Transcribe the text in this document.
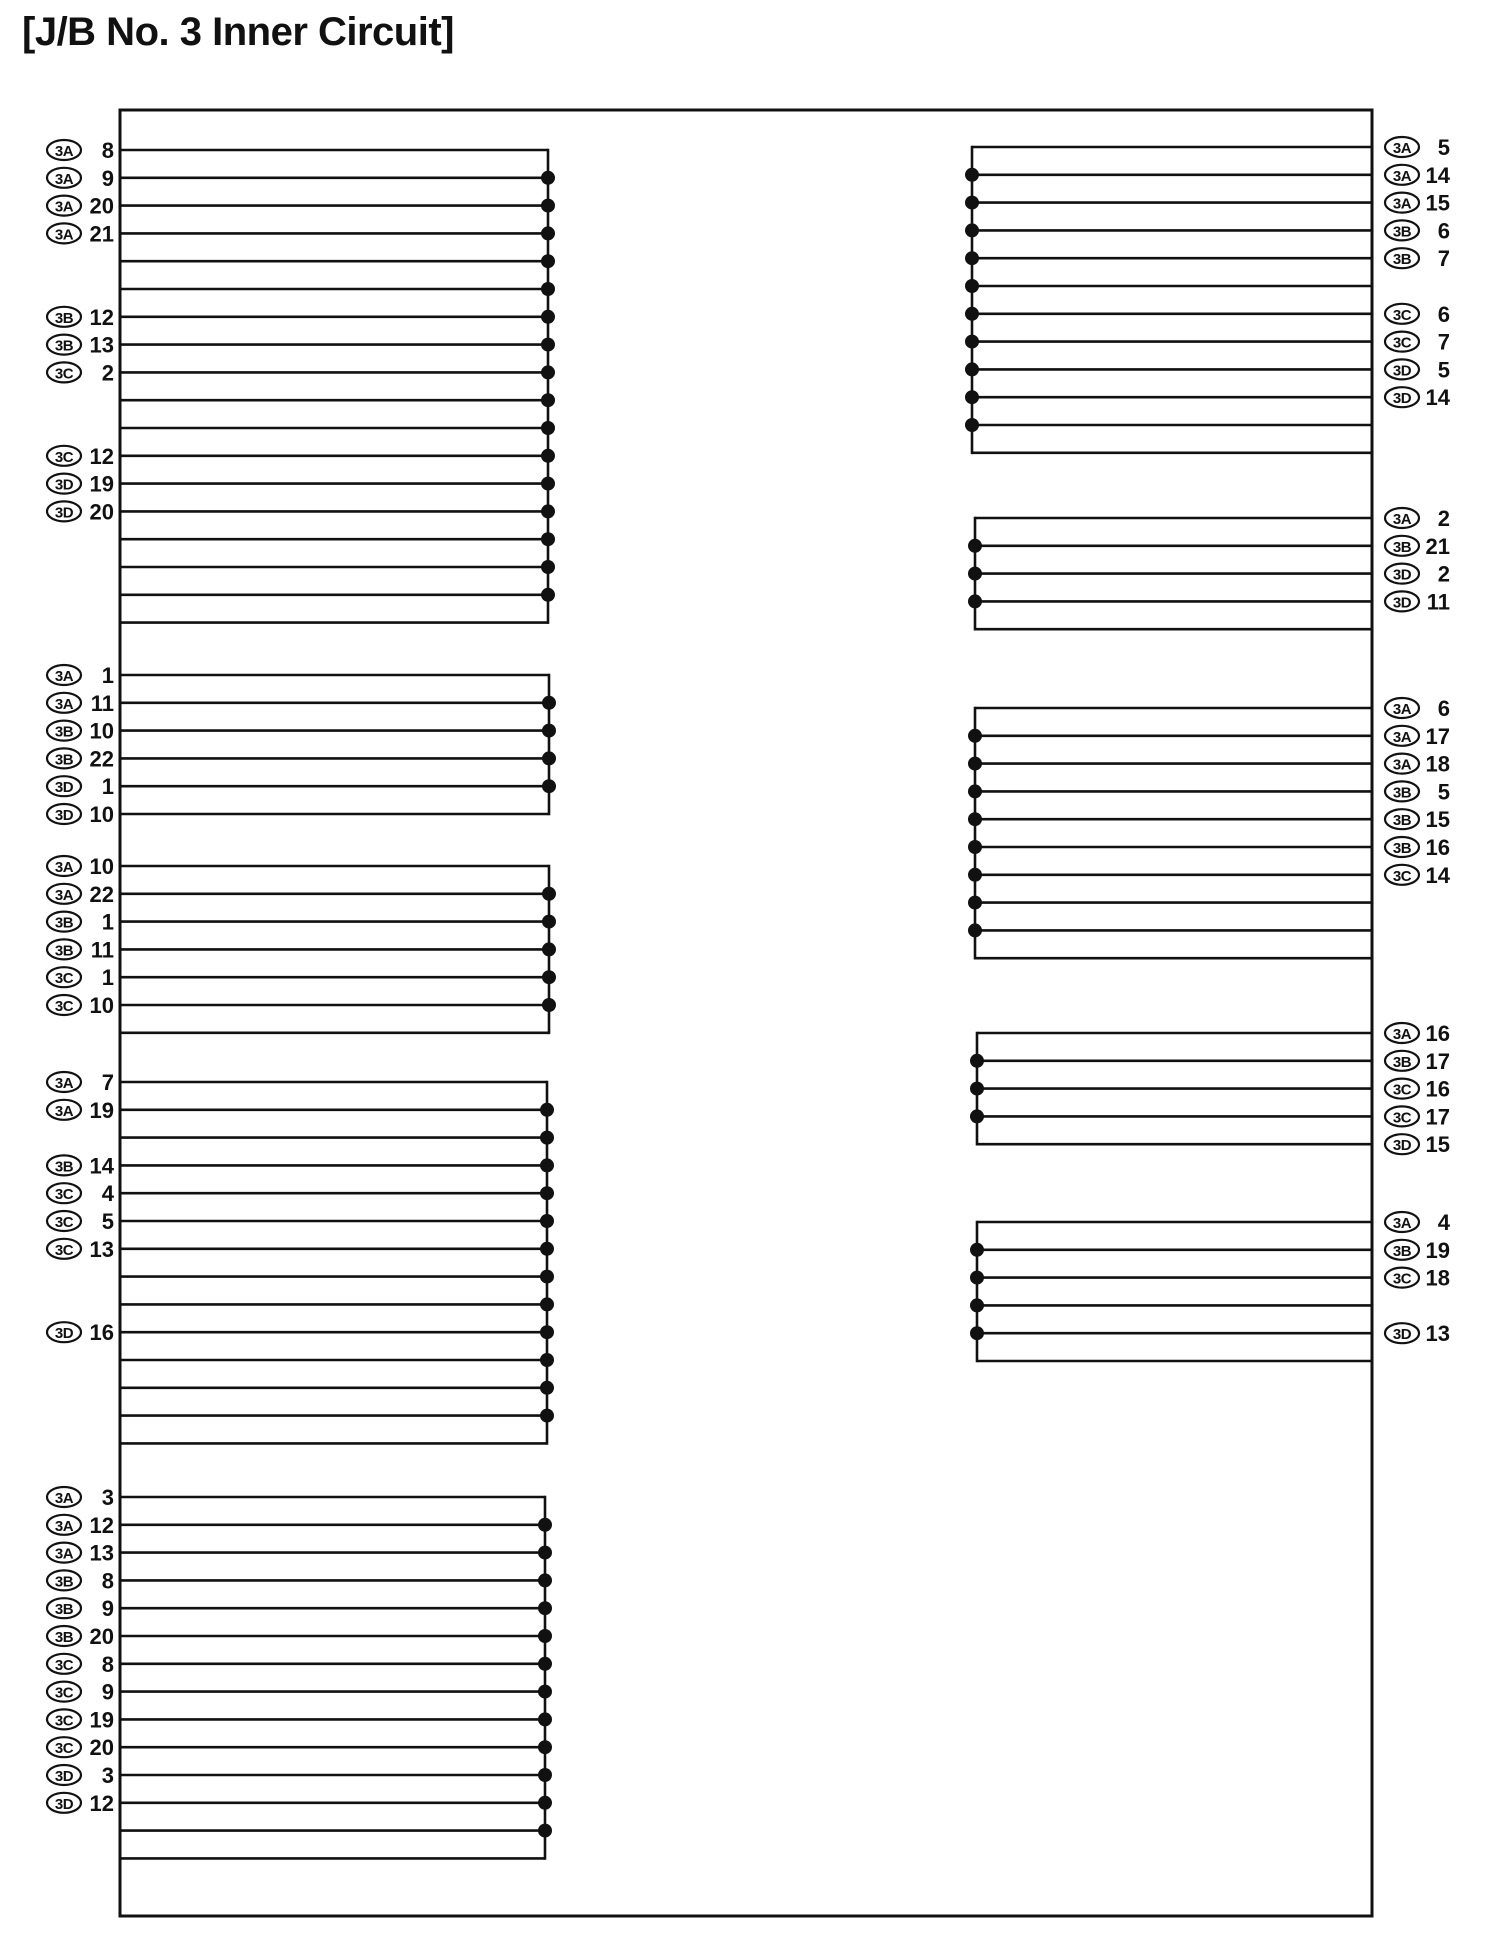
[J/B No. 3 Inner Circuit]
3A 8
3A 9
3A 20
3A 21
3B 12
3B 13
3C 2
3C 12
3D 19
3D 20
3A 1
3A 11
3B 10
3B 22
3D 1
3D 10
3A 10
3A 22
3B 1
3B 11
3C 1
3C 10
3A 7
3A 19
3B 14
3C 4
3C 5
3C 13
3D 16
3A 3
3A 12
3A 13
3B 8
3B 9
3B 20
3C 8
3C 9
3C 19
3C 20
3D 3
3D 12
3A 5
3A 14
3A 15
3B 6
3B 7
3C 6
3C 7
3D 5
3D 14
3A 2
3B 21
3D 2
3D 11
3A 6
3A 17
3A 18
3B 5
3B 15
3B 16
3C 14
3A 16
3B 17
3C 16
3C 17
3D 15
3A 4
3B 19
3C 18
3D 13
